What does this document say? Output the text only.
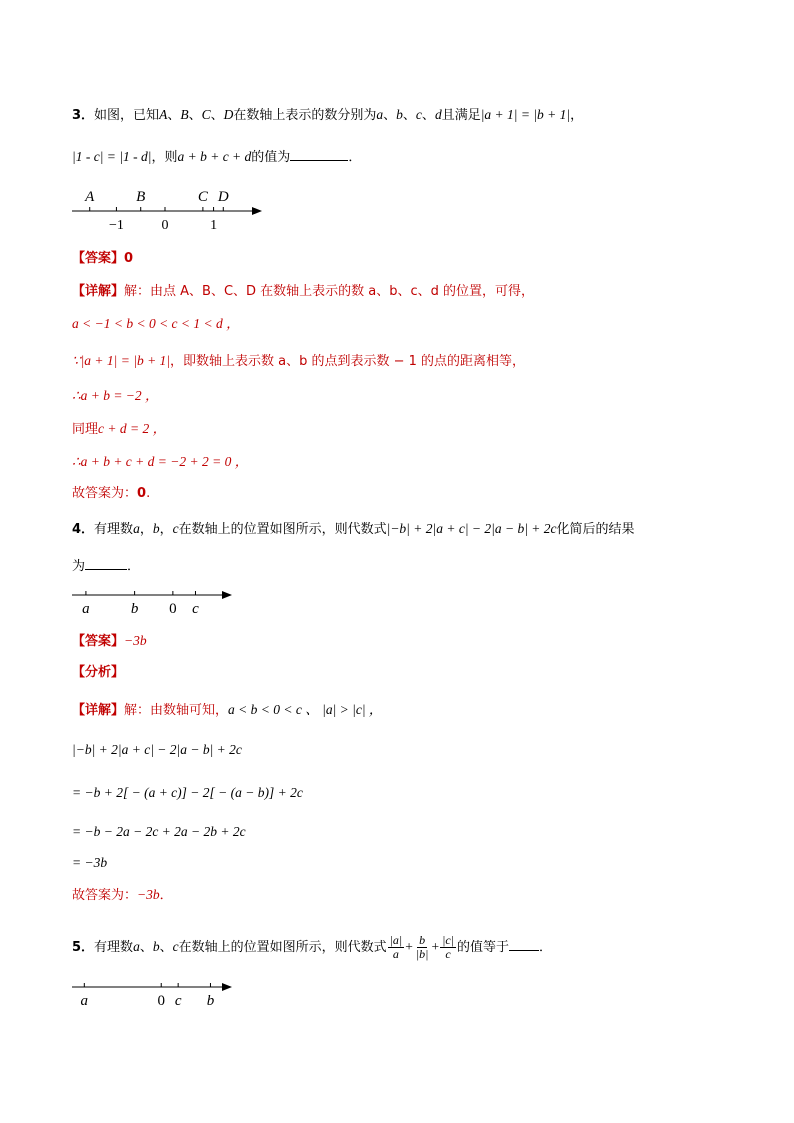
3．如图，已知A、B、C、D在数轴上表示的数分别为a、b、c、d且满足|a + 1| = |b + 1|，
|1 - c| = |1 - d|，则a + b + c + d的值为	．
A	B	C D
−1	0	1
【答案】0
【详解】解：由点 A、B、C、D 在数轴上表示的数 a、b、c、d 的位置，可得，
a < −1 < b < 0 < c < 1 < d ，
∵|a + 1| = |b + 1|，即数轴上表示数 a、b 的点到表示数 − 1 的点的距离相等，
∴a + b = −2 ，
同理c + d = 2 ，
∴a + b + c + d = −2 + 2 = 0 ，
故答案为：0.
4．有理数a，b，c在数轴上的位置如图所示，则代数式|−b| + 2|a + c| − 2|a − b| + 2c化简后的结果
为	．
a	b 0 c
【答案】−3b
【分析】
【详解】解：由数轴可知，a < b < 0 < c 、 |a| > |c| ，
|−b| + 2|a + c| − 2|a − b| + 2c
= −b + 2[ − (a + c)] − 2[ − (a − b)] + 2c
= −b − 2a − 2c + 2a − 2b + 2c
= −3b
故答案为：−3b．
5．有理数a、b、c在数轴上的位置如图所示，则代数式 $\frac{|a|}{a} + \frac{b}{|b|} + \frac{|c|}{c}$ 的值等于 ．
a	0 c b
